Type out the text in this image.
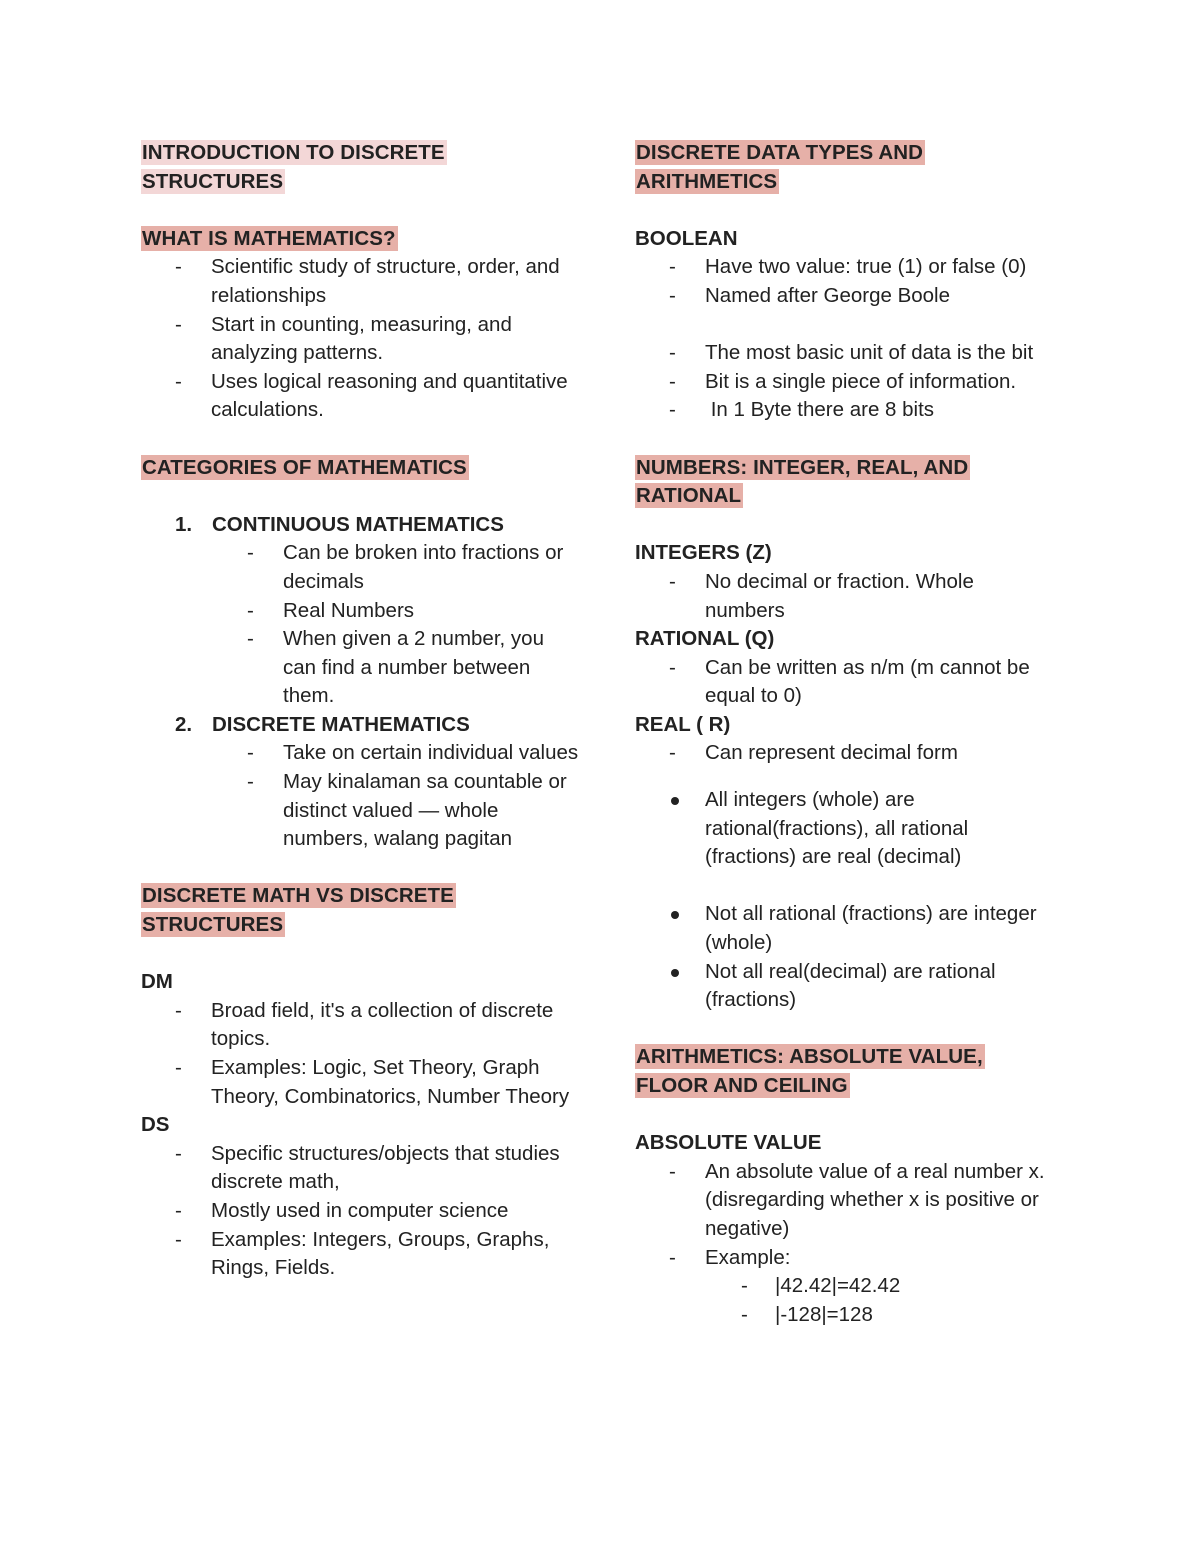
INTRODUCTION TO DISCRETE STRUCTURES
WHAT IS MATHEMATICS?
- Scientific study of structure, order, and relationships
- Start in counting, measuring, and analyzing patterns.
- Uses logical reasoning and quantitative calculations.
CATEGORIES OF MATHEMATICS
1. CONTINUOUS MATHEMATICS
- Can be broken into fractions or decimals
- Real Numbers
- When given a 2 number, you can find a number between them.
2. DISCRETE MATHEMATICS
- Take on certain individual values
- May kinalaman sa countable or distinct valued — whole numbers, walang pagitan
DISCRETE MATH VS DISCRETE STRUCTURES
DM
- Broad field, it's a collection of discrete topics.
- Examples: Logic, Set Theory, Graph Theory, Combinatorics, Number Theory
DS
- Specific structures/objects that studies discrete math,
- Mostly used in computer science
- Examples: Integers, Groups, Graphs, Rings, Fields.
DISCRETE DATA TYPES AND ARITHMETICS
BOOLEAN
- Have two value: true (1) or false (0)
- Named after George Boole
- The most basic unit of data is the bit
- Bit is a single piece of information.
- In 1 Byte there are 8 bits
NUMBERS: INTEGER, REAL, AND RATIONAL
INTEGERS (Z)
- No decimal or fraction. Whole numbers
RATIONAL (Q)
- Can be written as n/m (m cannot be equal to 0)
REAL ( R)
- Can represent decimal form
All integers (whole) are rational(fractions), all rational (fractions) are real (decimal)
Not all rational (fractions) are integer (whole)
Not all real(decimal) are rational (fractions)
ARITHMETICS: ABSOLUTE VALUE, FLOOR AND CEILING
ABSOLUTE VALUE
- An absolute value of a real number x. (disregarding whether x is positive or negative)
- Example:
- |42.42|=42.42
- |-128|=128
